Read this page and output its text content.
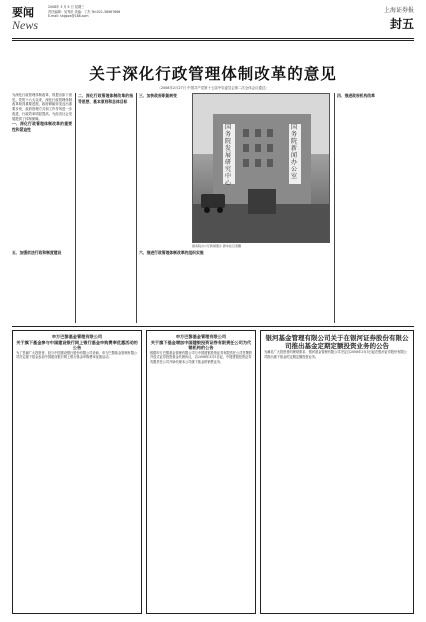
要闻
News
2008年 3 月 5 日 星期三
责任编辑：吴秀洪 美编：丁杰 Tel:021-38967666
E-mail: shgpzx@188.com
上海证券报
封五
关于深化行政管理体制改革的意见
（2008年2月27日 中国共产党第十七届中央委员会第二次全体会议通过）
为深化行政管理体制改革，现提出如下意见。党的十六大以来，深化行政管理体制改革取得重要进展，政府职能转变迈出重要步伐，政府管理方式和工作作风进一步改进，行政效率明显提高，为经济社会发展提供了体制保障。
一、深化行政管理体制改革的重要性和紧迫性
二、深化行政管理体制改革的指导思想、基本原则和总体目标
三、加快政府职能转变
国务院发展研究中心
国务院新闻办公室
国务院办公厅新闻照片 新华社记者摄
四、推进政府机构改革
五、加强依法行政和制度建设	六、推进行政管理体制改革的组织实施
申万巴黎基金管理有限公司
关于旗下基金参与中国建设银行网上银行基金申购费率优惠活动的公告
为了答谢广大投资者，经与中国建设银行股份有限公司协商，申万巴黎基金管理有限公司决定旗下基金参加中国建设银行网上银行基金申购费率优惠活动。
申万巴黎基金管理有限公司
关于旗下基金增加中国建银投资证券有限责任公司为代销机构的公告
根据申万巴黎基金管理有限公司与中国建银投资证券有限责任公司签署的开放式证券投资基金代销协议，自2008年3月5日起，中国建银投资证券有限责任公司开始代理本公司旗下基金的销售业务。
银河基金管理有限公司关于在银河证券股份有限公司推出基金定期定额投资业务的公告
为满足广大投资者的理财需求，银河基金管理有限公司决定自2008年3月5日起在银河证券股份有限公司推出旗下基金的定期定额投资业务。
